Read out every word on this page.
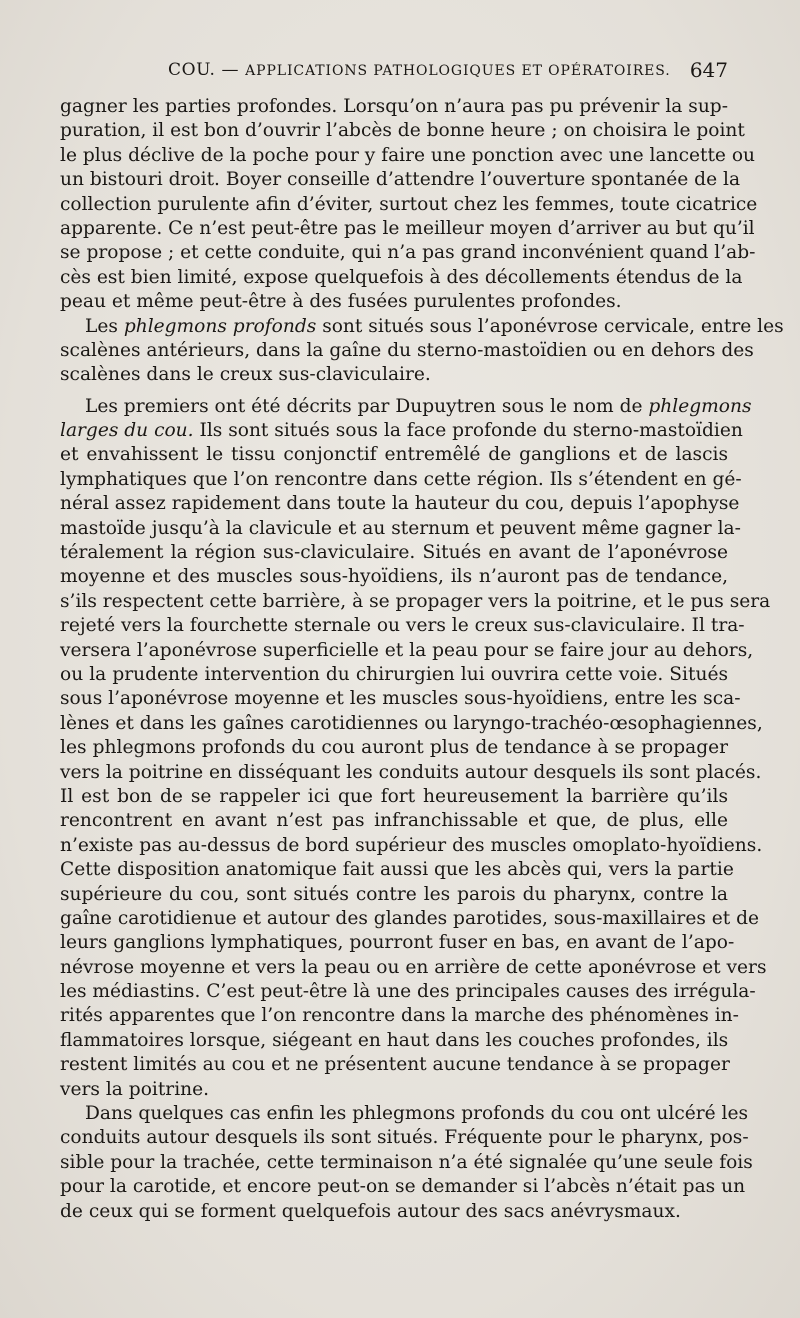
COU. — APPLICATIONS PATHOLOGIQUES ET OPÉRATOIRES. 647
gagner les parties profondes. Lorsqu’on n’aura pas pu prévenir la sup-
puration, il est bon d’ouvrir l’abcès de bonne heure ; on choisira le point
le plus déclive de la poche pour y faire une ponction avec une lancette ou
un bistouri droit. Boyer conseille d’attendre l’ouverture spontanée de la
collection purulente afin d’éviter, surtout chez les femmes, toute cicatrice
apparente. Ce n’est peut-être pas le meilleur moyen d’arriver au but qu’il
se propose ; et cette conduite, qui n’a pas grand inconvénient quand l’ab-
cès est bien limité, expose quelquefois à des décollements étendus de la
peau et même peut-être à des fusées purulentes profondes.
Les phlegmons profonds sont situés sous l’aponévrose cervicale, entre les
scalènes antérieurs, dans la gaîne du sterno-mastoïdien ou en dehors des
scalènes dans le creux sus-claviculaire.
Les premiers ont été décrits par Dupuytren sous le nom de phlegmons
larges du cou. Ils sont situés sous la face profonde du sterno-mastoïdien
et envahissent le tissu conjonctif entremêlé de ganglions et de lascis
lymphatiques que l’on rencontre dans cette région. Ils s’étendent en gé-
néral assez rapidement dans toute la hauteur du cou, depuis l’apophyse
mastoïde jusqu’à la clavicule et au sternum et peuvent même gagner la-
téralement la région sus-claviculaire. Situés en avant de l’aponévrose
moyenne et des muscles sous-hyoïdiens, ils n’auront pas de tendance,
s’ils respectent cette barrière, à se propager vers la poitrine, et le pus sera
rejeté vers la fourchette sternale ou vers le creux sus-claviculaire. Il tra-
versera l’aponévrose superficielle et la peau pour se faire jour au dehors,
ou la prudente intervention du chirurgien lui ouvrira cette voie. Situés
sous l’aponévrose moyenne et les muscles sous-hyoïdiens, entre les sca-
lènes et dans les gaînes carotidiennes ou laryngo-trachéo-œsophagiennes,
les phlegmons profonds du cou auront plus de tendance à se propager
vers la poitrine en disséquant les conduits autour desquels ils sont placés.
Il est bon de se rappeler ici que fort heureusement la barrière qu’ils
rencontrent en avant n’est pas infranchissable et que, de plus, elle
n’existe pas au-dessus de bord supérieur des muscles omoplato-hyoïdiens.
Cette disposition anatomique fait aussi que les abcès qui, vers la partie
supérieure du cou, sont situés contre les parois du pharynx, contre la
gaîne carotidienue et autour des glandes parotides, sous-maxillaires et de
leurs ganglions lymphatiques, pourront fuser en bas, en avant de l’apo-
névrose moyenne et vers la peau ou en arrière de cette aponévrose et vers
les médiastins. C’est peut-être là une des principales causes des irrégula-
rités apparentes que l’on rencontre dans la marche des phénomènes in-
flammatoires lorsque, siégeant en haut dans les couches profondes, ils
restent limités au cou et ne présentent aucune tendance à se propager
vers la poitrine.
Dans quelques cas enfin les phlegmons profonds du cou ont ulcéré les
conduits autour desquels ils sont situés. Fréquente pour le pharynx, pos-
sible pour la trachée, cette terminaison n’a été signalée qu’une seule fois
pour la carotide, et encore peut-on se demander si l’abcès n’était pas un
de ceux qui se forment quelquefois autour des sacs anévrysmaux.
